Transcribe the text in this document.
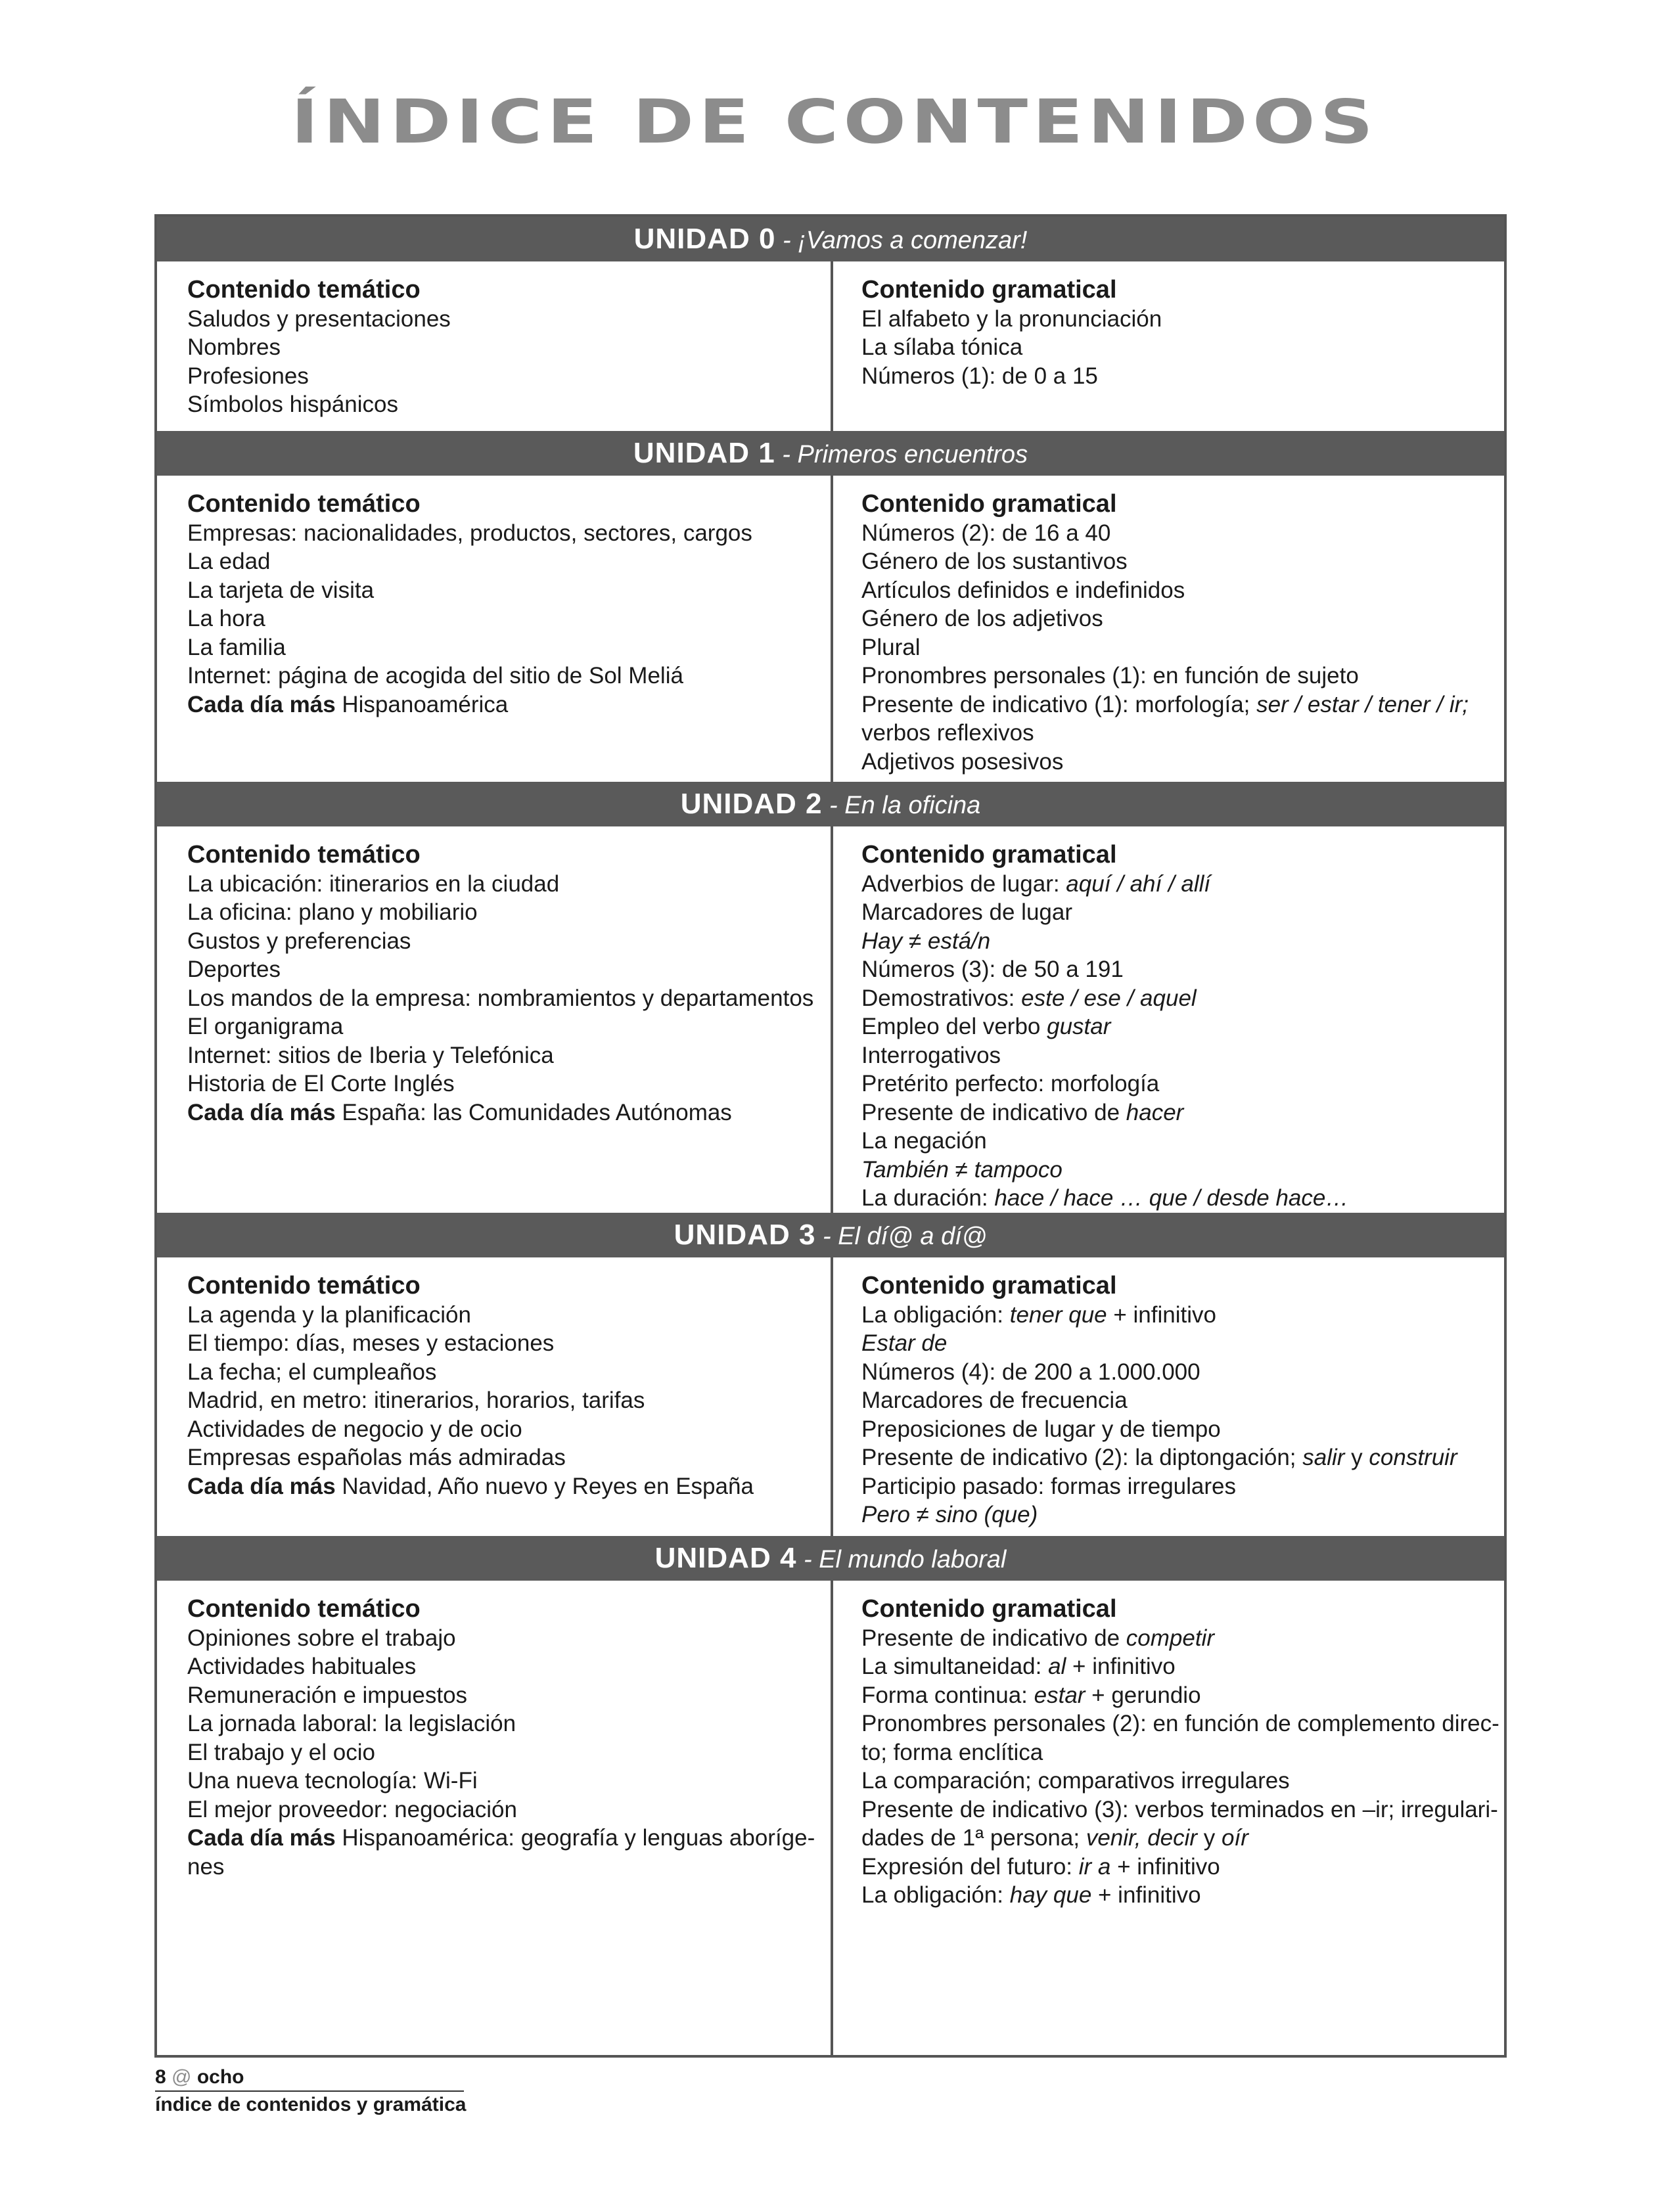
ÍNDICE DE CONTENIDOS
UNIDAD 0 - ¡Vamos a comenzar!
Contenido temático
Saludos y presentaciones
Nombres
Profesiones
Símbolos hispánicos
Contenido gramatical
El alfabeto y la pronunciación
La sílaba tónica
Números (1): de 0 a 15
UNIDAD 1 - Primeros encuentros
Contenido temático
Empresas: nacionalidades, productos, sectores, cargos
La edad
La tarjeta de visita
La hora
La familia
Internet: página de acogida del sitio de Sol Meliá
Cada día más Hispanoamérica
Contenido gramatical
Números (2): de 16 a 40
Género de los sustantivos
Artículos definidos e indefinidos
Género de los adjetivos
Plural
Pronombres personales (1): en función de sujeto
Presente de indicativo (1): morfología; ser / estar / tener / ir;
verbos reflexivos
Adjetivos posesivos
UNIDAD 2 - En la oficina
Contenido temático
La ubicación: itinerarios en la ciudad
La oficina: plano y mobiliario
Gustos y preferencias
Deportes
Los mandos de la empresa: nombramientos y departamentos
El organigrama
Internet: sitios de Iberia y Telefónica
Historia de El Corte Inglés
Cada día más España: las Comunidades Autónomas
Contenido gramatical
Adverbios de lugar: aquí / ahí / allí
Marcadores de lugar
Hay ≠ está/n
Números (3): de 50 a 191
Demostrativos: este / ese / aquel
Empleo del verbo gustar
Interrogativos
Pretérito perfecto: morfología
Presente de indicativo de hacer
La negación
También ≠ tampoco
La duración: hace / hace … que / desde hace…
UNIDAD 3 - El dí@ a dí@
Contenido temático
La agenda y la planificación
El tiempo: días, meses y estaciones
La fecha; el cumpleaños
Madrid, en metro: itinerarios, horarios, tarifas
Actividades de negocio y de ocio
Empresas españolas más admiradas
Cada día más Navidad, Año nuevo y Reyes en España
Contenido gramatical
La obligación: tener que + infinitivo
Estar de
Números (4): de 200 a 1.000.000
Marcadores de frecuencia
Preposiciones de lugar y de tiempo
Presente de indicativo (2): la diptongación; salir y construir
Participio pasado: formas irregulares
Pero ≠ sino (que)
UNIDAD 4 - El mundo laboral
Contenido temático
Opiniones sobre el trabajo
Actividades habituales
Remuneración e impuestos
La jornada laboral: la legislación
El trabajo y el ocio
Una nueva tecnología: Wi-Fi
El mejor proveedor: negociación
Cada día más Hispanoamérica: geografía y lenguas aboríge-
nes
Contenido gramatical
Presente de indicativo de competir
La simultaneidad: al + infinitivo
Forma continua: estar + gerundio
Pronombres personales (2): en función de complemento direc-
to; forma enclítica
La comparación; comparativos irregulares
Presente de indicativo (3): verbos terminados en –ir; irregulari-
dades de 1ª persona; venir, decir y oír
Expresión del futuro: ir a + infinitivo
La obligación: hay que + infinitivo
8 @ ocho
índice de contenidos y gramática
